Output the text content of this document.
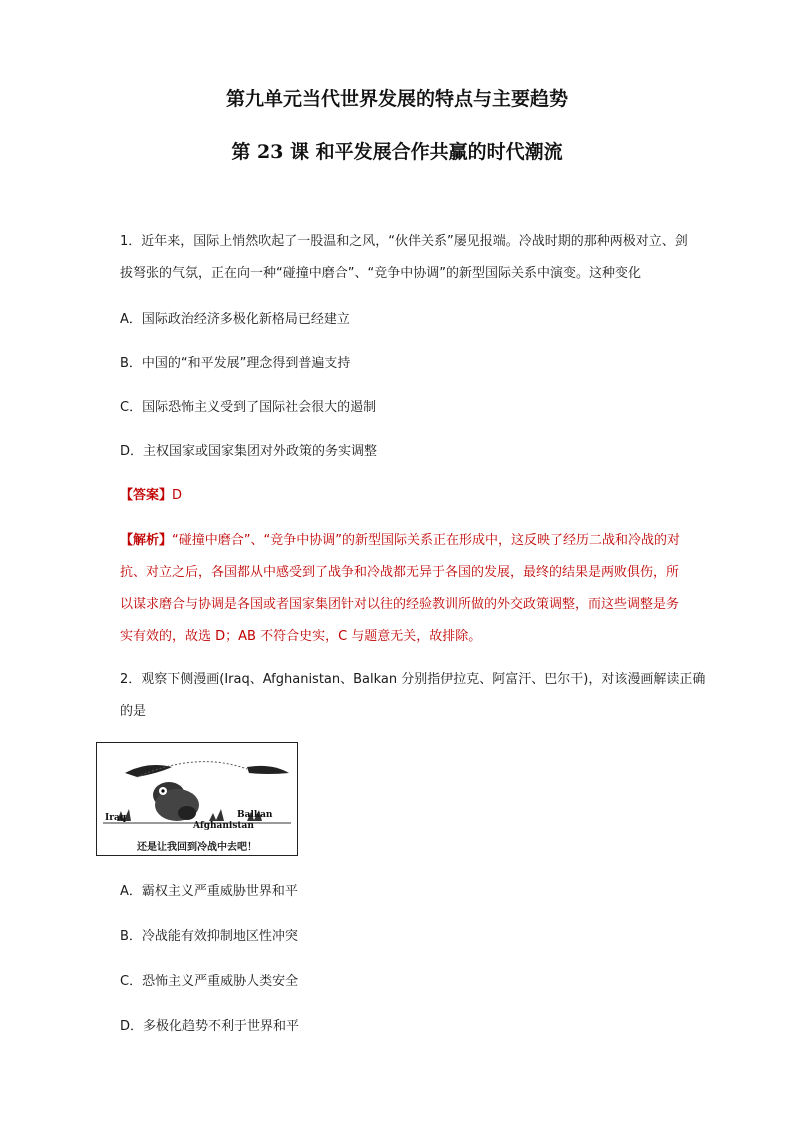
第九单元当代世界发展的特点与主要趋势
第 23 课 和平发展合作共赢的时代潮流
1．近年来，国际上悄然吹起了一股温和之风，“伙伴关系”屡见报端。冷战时期的那种两极对立、剑
拔弩张的气氛，正在向一种“碰撞中磨合”、“竞争中协调”的新型国际关系中演变。这种变化
A．国际政治经济多极化新格局已经建立
B．中国的“和平发展”理念得到普遍支持
C．国际恐怖主义受到了国际社会很大的遏制
D．主权国家或国家集团对外政策的务实调整
【答案】D
【解析】“碰撞中磨合”、“竞争中协调”的新型国际关系正在形成中，这反映了经历二战和冷战的对
抗、对立之后，各国都从中感受到了战争和冷战都无异于各国的发展，最终的结果是两败俱伤，所
以谋求磨合与协调是各国或者国家集团针对以往的经验教训所做的外交政策调整，而这些调整是务
实有效的，故选 D；AB 不符合史实，C 与题意无关，故排除。
2．观察下侧漫画(Iraq、Afghanistan、Balkan 分别指伊拉克、阿富汗、巴尔干)，对该漫画解读正确
的是
Iraq
Afghanistan
Balkan
还是让我回到冷战中去吧！
A．霸权主义严重威胁世界和平
B．冷战能有效抑制地区性冲突
C．恐怖主义严重威胁人类安全
D．多极化趋势不利于世界和平
